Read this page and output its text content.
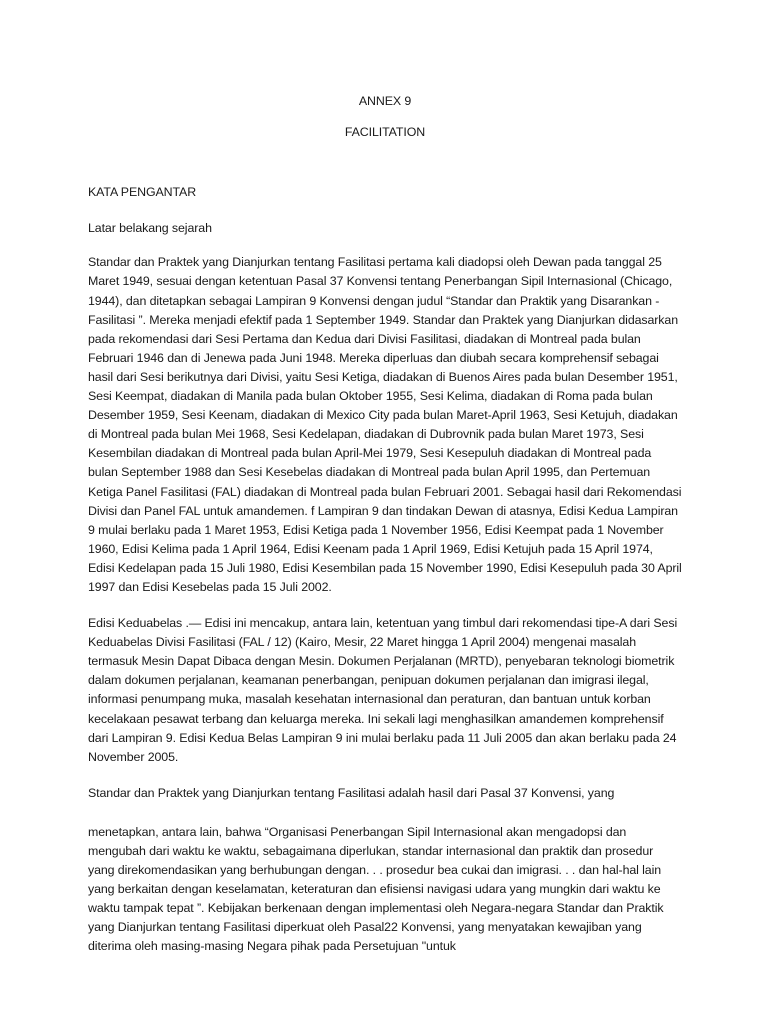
ANNEX 9

FACILITATION

KATA PENGANTAR

Latar belakang sejarah

Standar dan Praktek yang Dianjurkan tentang Fasilitasi pertama kali diadopsi oleh Dewan pada tanggal 25 Maret 1949, sesuai dengan ketentuan Pasal 37 Konvensi tentang Penerbangan Sipil Internasional (Chicago, 1944), dan ditetapkan sebagai Lampiran 9 Konvensi dengan judul “Standar dan Praktik yang Disarankan - Fasilitasi ”. Mereka menjadi efektif pada 1 September 1949. Standar dan Praktek yang Dianjurkan didasarkan pada rekomendasi dari Sesi Pertama dan Kedua dari Divisi Fasilitasi, diadakan di Montreal pada bulan Februari 1946 dan di Jenewa pada Juni 1948. Mereka diperluas dan diubah secara komprehensif sebagai hasil dari Sesi berikutnya dari Divisi, yaitu Sesi Ketiga, diadakan di Buenos Aires pada bulan Desember 1951, Sesi Keempat, diadakan di Manila pada bulan Oktober 1955, Sesi Kelima, diadakan di Roma pada bulan Desember 1959, Sesi Keenam, diadakan di Mexico City pada bulan Maret-April 1963, Sesi Ketujuh, diadakan di Montreal pada bulan Mei 1968, Sesi Kedelapan, diadakan di Dubrovnik pada bulan Maret 1973, Sesi Kesembilan diadakan di Montreal pada bulan April-Mei 1979, Sesi Kesepuluh diadakan di Montreal pada bulan September 1988 dan Sesi Kesebelas diadakan di Montreal pada bulan April 1995, dan Pertemuan Ketiga Panel Fasilitasi (FAL) diadakan di Montreal pada bulan Februari 2001. Sebagai hasil dari Rekomendasi Divisi dan Panel FAL untuk amandemen. f Lampiran 9 dan tindakan Dewan di atasnya, Edisi Kedua Lampiran 9 mulai berlaku pada 1 Maret 1953, Edisi Ketiga pada 1 November 1956, Edisi Keempat pada 1 November 1960, Edisi Kelima pada 1 April 1964, Edisi Keenam pada 1 April 1969, Edisi Ketujuh pada 15 April 1974, Edisi Kedelapan pada 15 Juli 1980, Edisi Kesembilan pada 15 November 1990, Edisi Kesepuluh pada 30 April 1997 dan Edisi Kesebelas pada 15 Juli 2002.

Edisi Keduabelas .— Edisi ini mencakup, antara lain, ketentuan yang timbul dari rekomendasi tipe-A dari Sesi Keduabelas Divisi Fasilitasi (FAL / 12) (Kairo, Mesir, 22 Maret hingga 1 April 2004) mengenai masalah termasuk Mesin Dapat Dibaca dengan Mesin. Dokumen Perjalanan (MRTD), penyebaran teknologi biometrik dalam dokumen perjalanan, keamanan penerbangan, penipuan dokumen perjalanan dan imigrasi ilegal, informasi penumpang muka, masalah kesehatan internasional dan peraturan, dan bantuan untuk korban kecelakaan pesawat terbang dan keluarga mereka. Ini sekali lagi menghasilkan amandemen komprehensif dari Lampiran 9. Edisi Kedua Belas Lampiran 9 ini mulai berlaku pada 11 Juli 2005 dan akan berlaku pada 24 November 2005.

Standar dan Praktek yang Dianjurkan tentang Fasilitasi adalah hasil dari Pasal 37 Konvensi, yang

menetapkan, antara lain, bahwa “Organisasi Penerbangan Sipil Internasional akan mengadopsi dan mengubah dari waktu ke waktu, sebagaimana diperlukan, standar internasional dan praktik dan prosedur yang direkomendasikan yang berhubungan dengan. . . prosedur bea cukai dan imigrasi. . . dan hal-hal lain yang berkaitan dengan keselamatan, keteraturan dan efisiensi navigasi udara yang mungkin dari waktu ke waktu tampak tepat ”. Kebijakan berkenaan dengan implementasi oleh Negara-negara Standar dan Praktik yang Dianjurkan tentang Fasilitasi diperkuat oleh Pasal22 Konvensi, yang menyatakan kewajiban yang diterima oleh masing-masing Negara pihak pada Persetujuan "untuk
